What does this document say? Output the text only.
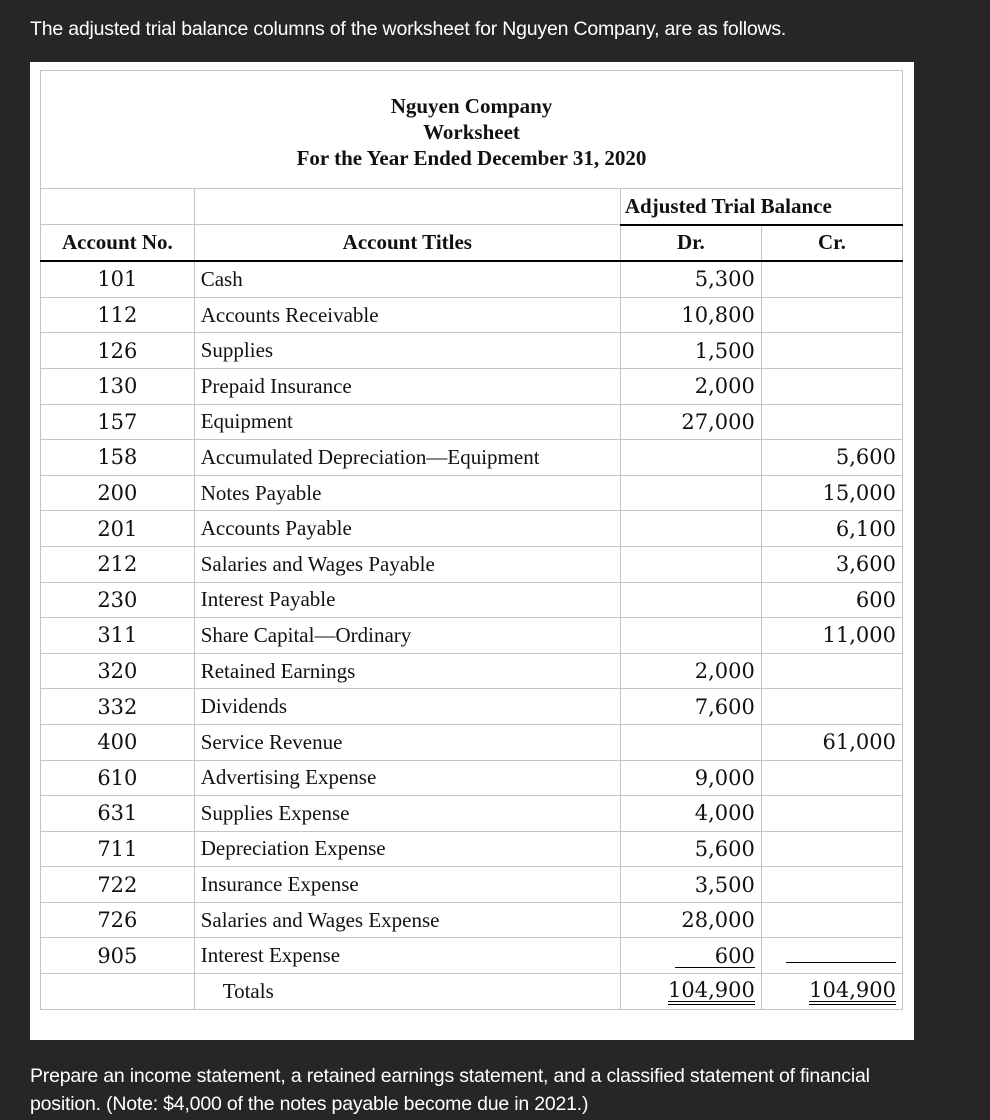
The adjusted trial balance columns of the worksheet for Nguyen Company, are as follows.
Nguyen Company
Worksheet
For the Year Ended December 31, 2020			

		Adjusted Trial Balance	
Account No.	Account Titles	Dr.	Cr.
101	Cash	5,300	
112	Accounts Receivable	10,800	
126	Supplies	1,500	
130	Prepaid Insurance	2,000	
157	Equipment	27,000	
158	Accumulated Depreciation—Equipment		5,600
200	Notes Payable		15,000
201	Accounts Payable		6,100
212	Salaries and Wages Payable		3,600
230	Interest Payable		600
311	Share Capital—Ordinary		11,000
320	Retained Earnings	2,000	
332	Dividends	7,600	
400	Service Revenue		61,000
610	Advertising Expense	9,000	
631	Supplies Expense	4,000	
711	Depreciation Expense	5,600	
722	Insurance Expense	3,500	
726	Salaries and Wages Expense	28,000	
905	Interest Expense	600	
	Totals	104,900	104,900
Prepare an income statement, a retained earnings statement, and a classified statement of financial position. (Note: $4,000 of the notes payable become due in 2021.)
